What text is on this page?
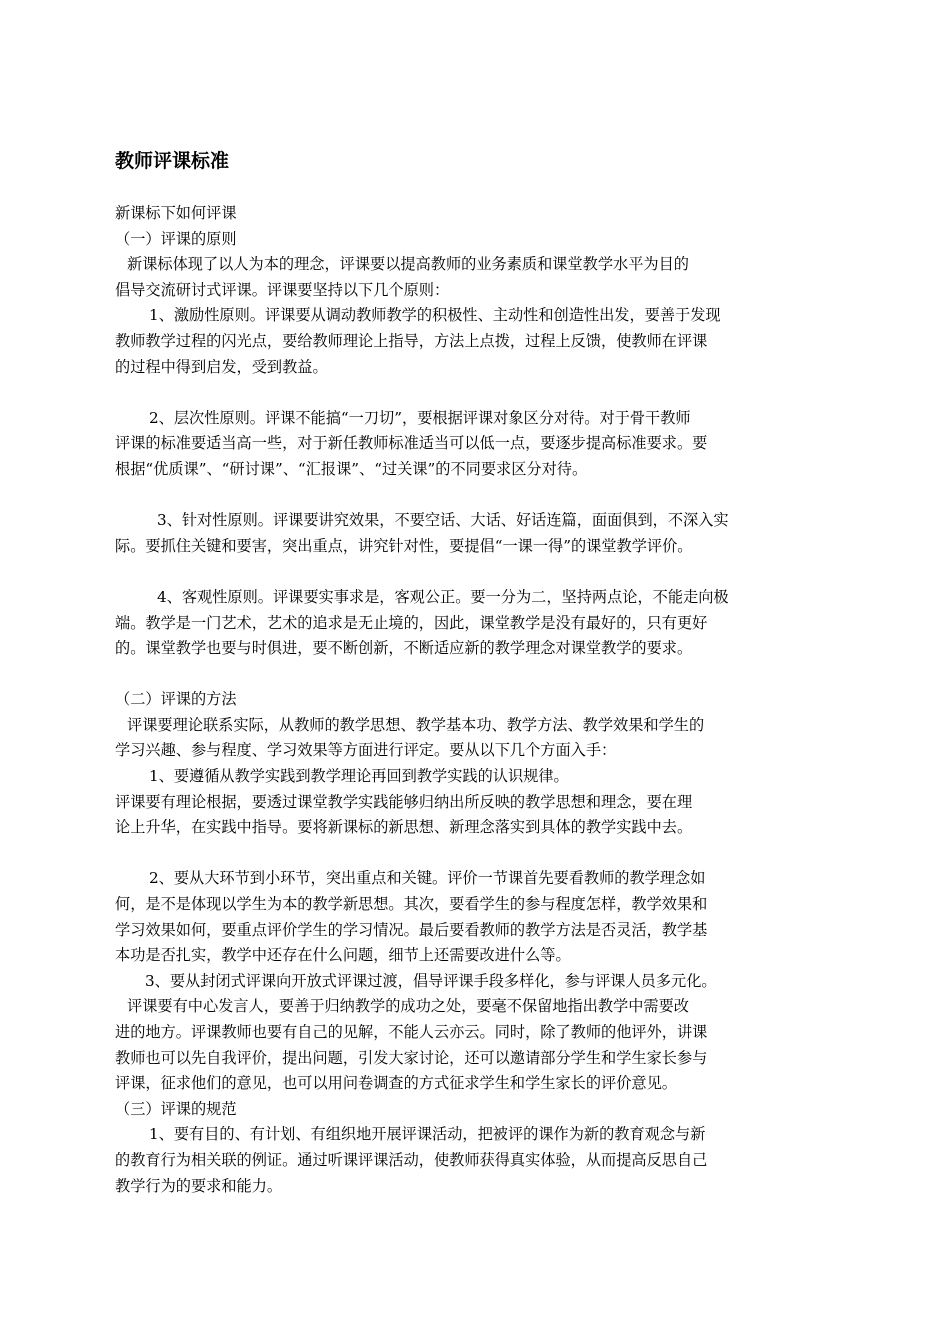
教师评课标准
新课标下如何评课
（一）评课的原则
新课标体现了以人为本的理念，评课要以提高教师的业务素质和课堂教学水平为目的
倡导交流研讨式评课。评课要坚持以下几个原则：
1、激励性原则。评课要从调动教师教学的积极性、主动性和创造性出发，要善于发现
教师教学过程的闪光点，要给教师理论上指导，方法上点拨，过程上反馈，使教师在评课
的过程中得到启发，受到教益。
2、层次性原则。评课不能搞“一刀切”，要根据评课对象区分对待。对于骨干教师
评课的标准要适当高一些，对于新任教师标准适当可以低一点，要逐步提高标准要求。要
根据“优质课”、“研讨课”、“汇报课”、“过关课”的不同要求区分对待。
3、针对性原则。评课要讲究效果，不要空话、大话、好话连篇，面面俱到，不深入实
际。要抓住关键和要害，突出重点，讲究针对性，要提倡“一课一得”的课堂教学评价。
4、客观性原则。评课要实事求是，客观公正。要一分为二，坚持两点论，不能走向极
端。教学是一门艺术，艺术的追求是无止境的，因此，课堂教学是没有最好的，只有更好
的。课堂教学也要与时俱进，要不断创新，不断适应新的教学理念对课堂教学的要求。
（二）评课的方法
评课要理论联系实际，从教师的教学思想、教学基本功、教学方法、教学效果和学生的
学习兴趣、参与程度、学习效果等方面进行评定。要从以下几个方面入手：
1、要遵循从教学实践到教学理论再回到教学实践的认识规律。
评课要有理论根据，要透过课堂教学实践能够归纳出所反映的教学思想和理念，要在理
论上升华，在实践中指导。要将新课标的新思想、新理念落实到具体的教学实践中去。
2、要从大环节到小环节，突出重点和关键。评价一节课首先要看教师的教学理念如
何，是不是体现以学生为本的教学新思想。其次，要看学生的参与程度怎样，教学效果和
学习效果如何，要重点评价学生的学习情况。最后要看教师的教学方法是否灵活，教学基
本功是否扎实，教学中还存在什么问题，细节上还需要改进什么等。
3、要从封闭式评课向开放式评课过渡，倡导评课手段多样化，参与评课人员多元化。
评课要有中心发言人，要善于归纳教学的成功之处，要毫不保留地指出教学中需要改
进的地方。评课教师也要有自己的见解，不能人云亦云。同时，除了教师的他评外，讲课
教师也可以先自我评价，提出问题，引发大家讨论，还可以邀请部分学生和学生家长参与
评课，征求他们的意见，也可以用问卷调查的方式征求学生和学生家长的评价意见。
（三）评课的规范
1、要有目的、有计划、有组织地开展评课活动，把被评的课作为新的教育观念与新
的教育行为相关联的例证。通过听课评课活动，使教师获得真实体验，从而提高反思自己
教学行为的要求和能力。
